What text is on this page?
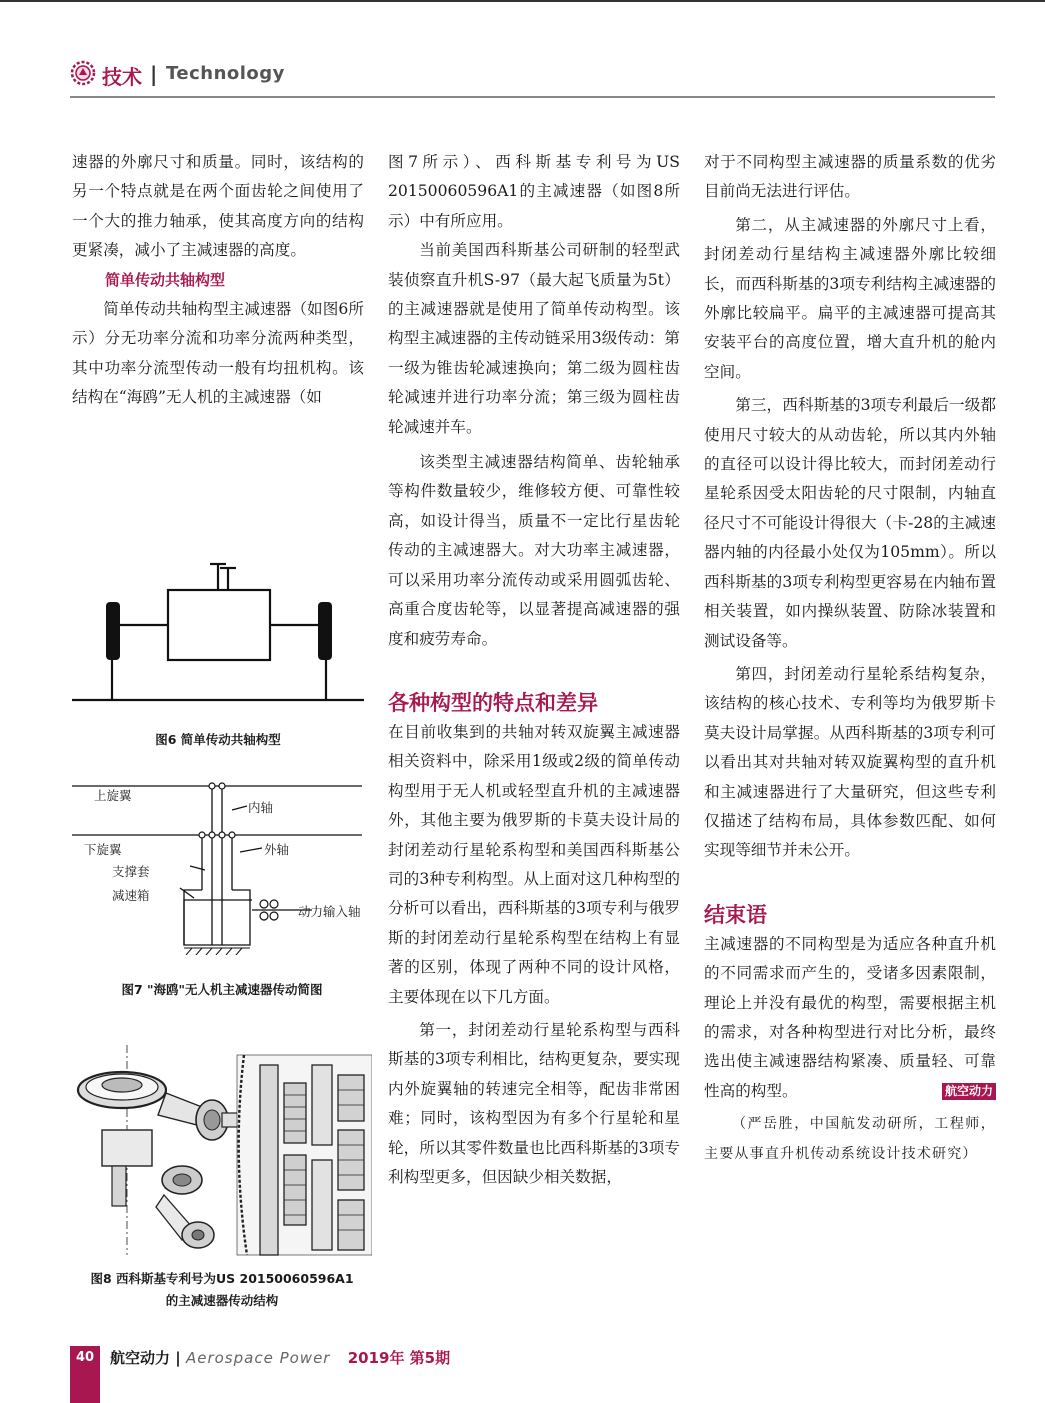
技术 | Technology

速器的外廓尺寸和质量。同时，该结构的另一个特点就是在两个面齿轮之间使用了一个大的推力轴承，使其高度方向的结构更紧凑，减小了主减速器的高度。

简单传动共轴构型

简单传动共轴构型主减速器（如图6所示）分无功率分流和功率分流两种类型，其中功率分流型传动一般有均扭机构。该结构在“海鸥”无人机的主减速器（如

图6 简单传动共轴构型
上旋翼
内轴
下旋翼	外轴
支撑套
减速箱
动力输入轴
图7 "海鸥"无人机主减速器传动简图
图8 西科斯基专利号为US 20150060596A1
的主减速器传动结构

图7所示）、西科斯基专利号为US 20150060596A1的主减速器（如图8所示）中有所应用。

当前美国西科斯基公司研制的轻型武装侦察直升机S-97（最大起飞质量为5t）的主减速器就是使用了简单传动构型。该构型主减速器的主传动链采用3级传动：第一级为锥齿轮减速换向；第二级为圆柱齿轮减速并进行功率分流；第三级为圆柱齿轮减速并车。

该类型主减速器结构简单、齿轮轴承等构件数量较少，维修较方便、可靠性较高，如设计得当，质量不一定比行星齿轮传动的主减速器大。对大功率主减速器，可以采用功率分流传动或采用圆弧齿轮、高重合度齿轮等，以显著提高减速器的强度和疲劳寿命。

各种构型的特点和差异

在目前收集到的共轴对转双旋翼主减速器相关资料中，除采用1级或2级的简单传动构型用于无人机或轻型直升机的主减速器外，其他主要为俄罗斯的卡莫夫设计局的封闭差动行星轮系构型和美国西科斯基公司的3种专利构型。从上面对这几种构型的分析可以看出，西科斯基的3项专利与俄罗斯的封闭差动行星轮系构型在结构上有显著的区别，体现了两种不同的设计风格，主要体现在以下几方面。

第一，封闭差动行星轮系构型与西科斯基的3项专利相比，结构更复杂，要实现内外旋翼轴的转速完全相等，配齿非常困难；同时，该构型因为有多个行星轮和星轮，所以其零件数量也比西科斯基的3项专利构型更多，但因缺少相关数据，

对于不同构型主减速器的质量系数的优劣目前尚无法进行评估。

第二，从主减速器的外廓尺寸上看，封闭差动行星结构主减速器外廓比较细长，而西科斯基的3项专利结构主减速器的外廓比较扁平。扁平的主减速器可提高其安装平台的高度位置，增大直升机的舱内空间。

第三，西科斯基的3项专利最后一级都使用尺寸较大的从动齿轮，所以其内外轴的直径可以设计得比较大，而封闭差动行星轮系因受太阳齿轮的尺寸限制，内轴直径尺寸不可能设计得很大（卡-28的主减速器内轴的内径最小处仅为105mm）。所以西科斯基的3项专利构型更容易在内轴布置相关装置，如内操纵装置、防除冰装置和测试设备等。

第四，封闭差动行星轮系结构复杂，该结构的核心技术、专利等均为俄罗斯卡莫夫设计局掌握。从西科斯基的3项专利可以看出其对共轴对转双旋翼构型的直升机和主减速器进行了大量研究，但这些专利仅描述了结构布局，具体参数匹配、如何实现等细节并未公开。

结束语

主减速器的不同构型是为适应各种直升机的不同需求而产生的，受诸多因素限制，理论上并没有最优的构型，需要根据主机的需求，对各种构型进行对比分析，最终选出使主减速器结构紧凑、质量轻、可靠性高的构型。	航空动力

（严岳胜，中国航发动研所，工程师，主要从事直升机传动系统设计技术研究）

40 航空动力 | Aerospace Power 2019年 第5期
